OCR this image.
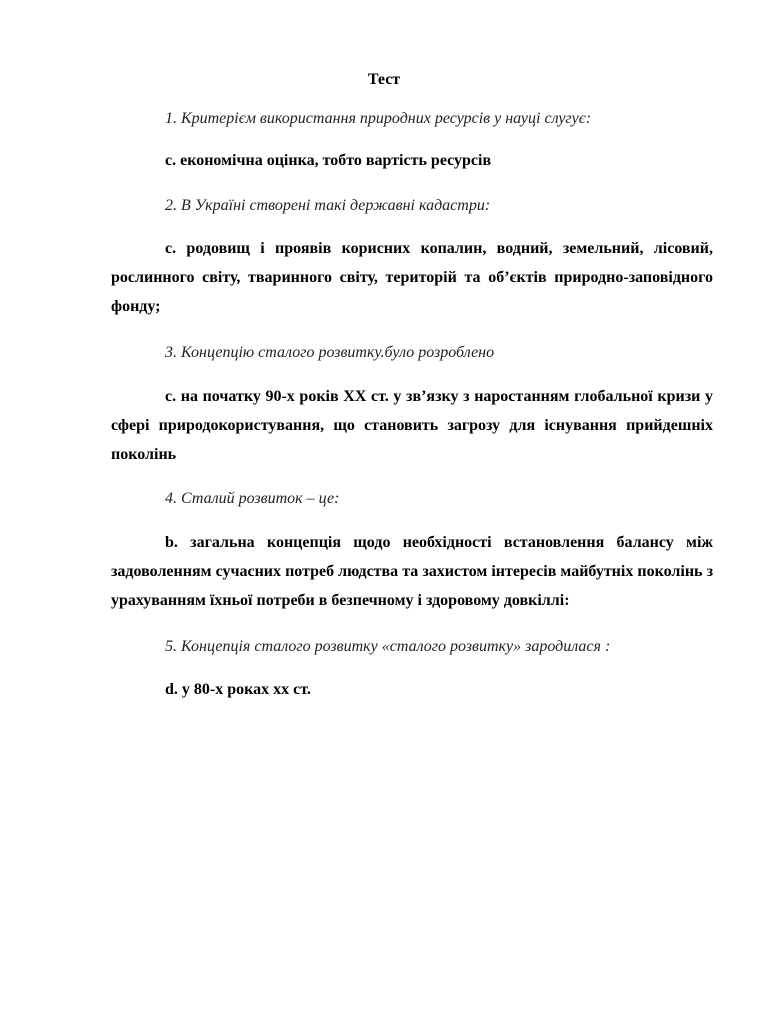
Тест
1. Критерієм використання природних ресурсів у науці слугує:
с. економічна оцінка, тобто вартість ресурсів
2. В Україні створені такі державні кадастри:
с. родовищ і проявів корисних копалин, водний, земельний, лісовий, рослинного світу, тваринного світу, територій та об’єктів природно-заповідного фонду;
3. Концепцію сталого розвитку.було розроблено
с. на початку 90-х років XX ст. у зв’язку з наростанням глобальної кризи у сфері природокористування, що становить загрозу для існування прийдешніх поколінь
4. Сталий розвиток – це:
b. загальна концепція щодо необхідності встановлення балансу між задоволенням сучасних потреб людства та захистом інтересів майбутніх поколінь з урахуванням їхньої потреби в безпечному і здоровому довкіллі:
5. Концепція сталого розвитку «сталого розвитку» зародилася :
d. у 80-х роках хх ст.
